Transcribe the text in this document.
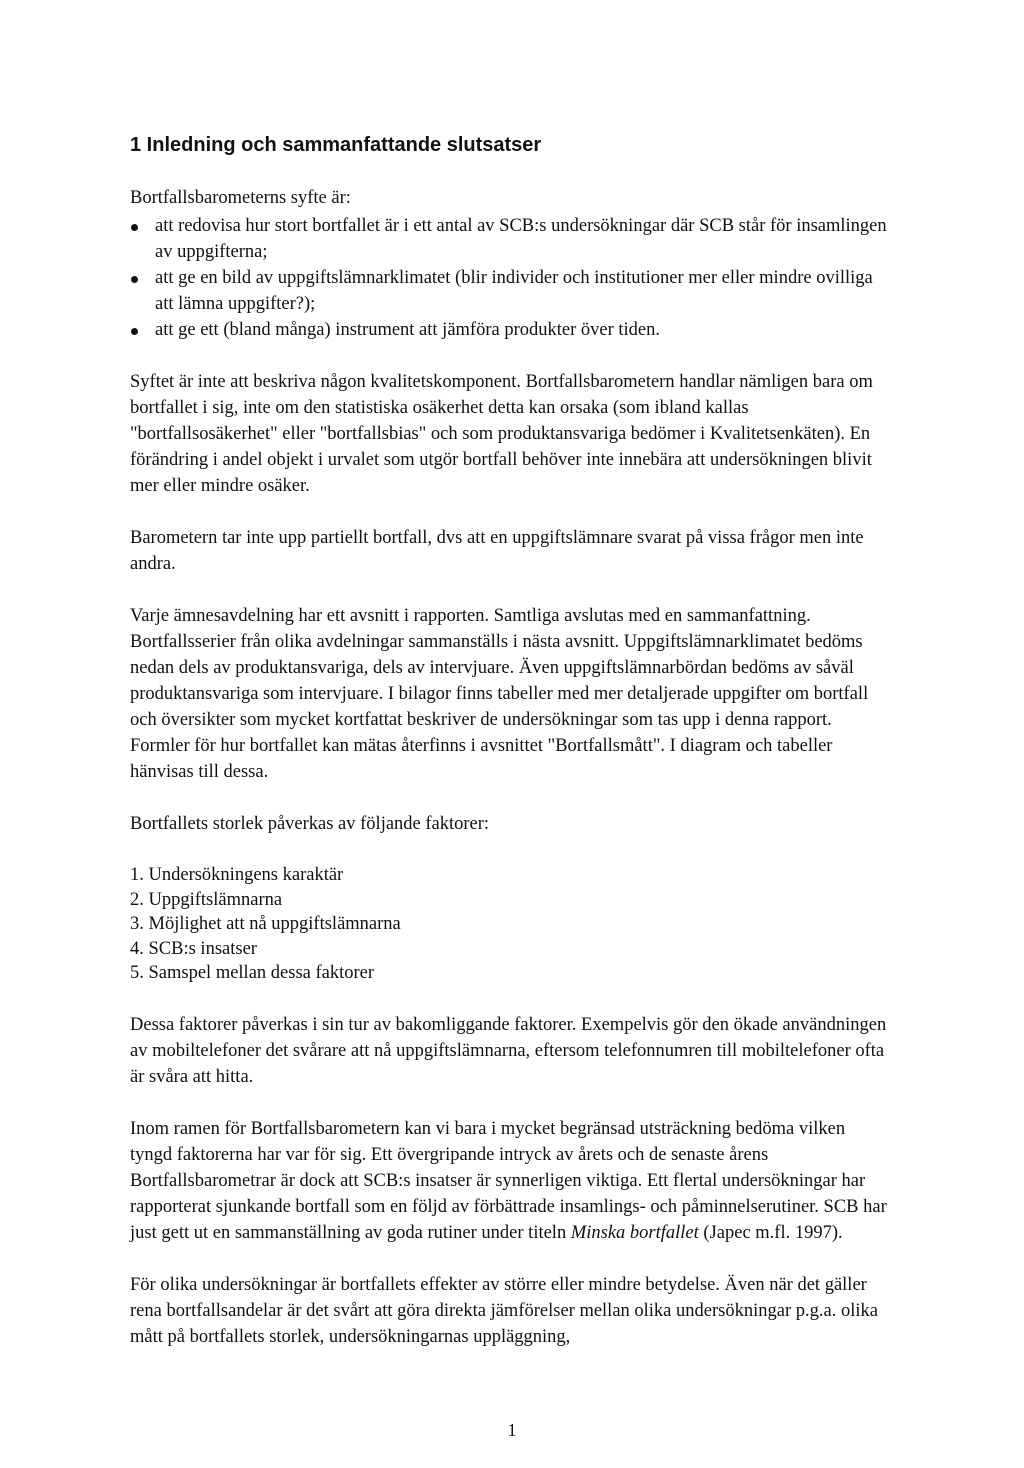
1 Inledning och sammanfattande slutsatser

Bortfallsbarometerns syfte är:

att redovisa hur stort bortfallet är i ett antal av SCB:s undersökningar där SCB står för insamlingen av uppgifterna;
att ge en bild av uppgiftslämnarklimatet (blir individer och institutioner mer eller mindre ovilliga att lämna uppgifter?);
att ge ett (bland många) instrument att jämföra produkter över tiden.

Syftet är inte att beskriva någon kvalitetskomponent. Bortfallsbarometern handlar nämligen bara om bortfallet i sig, inte om den statistiska osäkerhet detta kan orsaka (som ibland kallas "bortfallsosäkerhet" eller "bortfallsbias" och som produktansvariga bedömer i Kvalitetsenkäten). En förändring i andel objekt i urvalet som utgör bortfall behöver inte innebära att undersökningen blivit mer eller mindre osäker.

Barometern tar inte upp partiellt bortfall, dvs att en uppgiftslämnare svarat på vissa frågor men inte andra.

Varje ämnesavdelning har ett avsnitt i rapporten. Samtliga avslutas med en sammanfattning. Bortfallsserier från olika avdelningar sammanställs i nästa avsnitt. Uppgiftslämnarklimatet bedöms nedan dels av produktansvariga, dels av intervjuare. Även uppgiftslämnarbördan bedöms av såväl produktansvariga som intervjuare. I bilagor finns tabeller med mer detaljerade uppgifter om bortfall och översikter som mycket kortfattat beskriver de undersökningar som tas upp i denna rapport. Formler för hur bortfallet kan mätas återfinns i avsnittet "Bortfallsmått". I diagram och tabeller hänvisas till dessa.

Bortfallets storlek påverkas av följande faktorer:

1. Undersökningens karaktär
2. Uppgiftslämnarna
3. Möjlighet att nå uppgiftslämnarna
4. SCB:s insatser
5. Samspel mellan dessa faktorer

Dessa faktorer påverkas i sin tur av bakomliggande faktorer. Exempelvis gör den ökade användningen av mobiltelefoner det svårare att nå uppgiftslämnarna, eftersom telefonnumren till mobiltelefoner ofta är svåra att hitta.

Inom ramen för Bortfallsbarometern kan vi bara i mycket begränsad utsträckning bedöma vilken tyngd faktorerna har var för sig. Ett övergripande intryck av årets och de senaste årens Bortfallsbarometrar är dock att SCB:s insatser är synnerligen viktiga. Ett flertal undersökningar har rapporterat sjunkande bortfall som en följd av förbättrade insamlings- och påminnelserutiner. SCB har just gett ut en sammanställning av goda rutiner under titeln Minska bortfallet (Japec m.fl. 1997).

För olika undersökningar är bortfallets effekter av större eller mindre betydelse. Även när det gäller rena bortfallsandelar är det svårt att göra direkta jämförelser mellan olika undersökningar p.g.a. olika mått på bortfallets storlek, undersökningarnas uppläggning,

1
